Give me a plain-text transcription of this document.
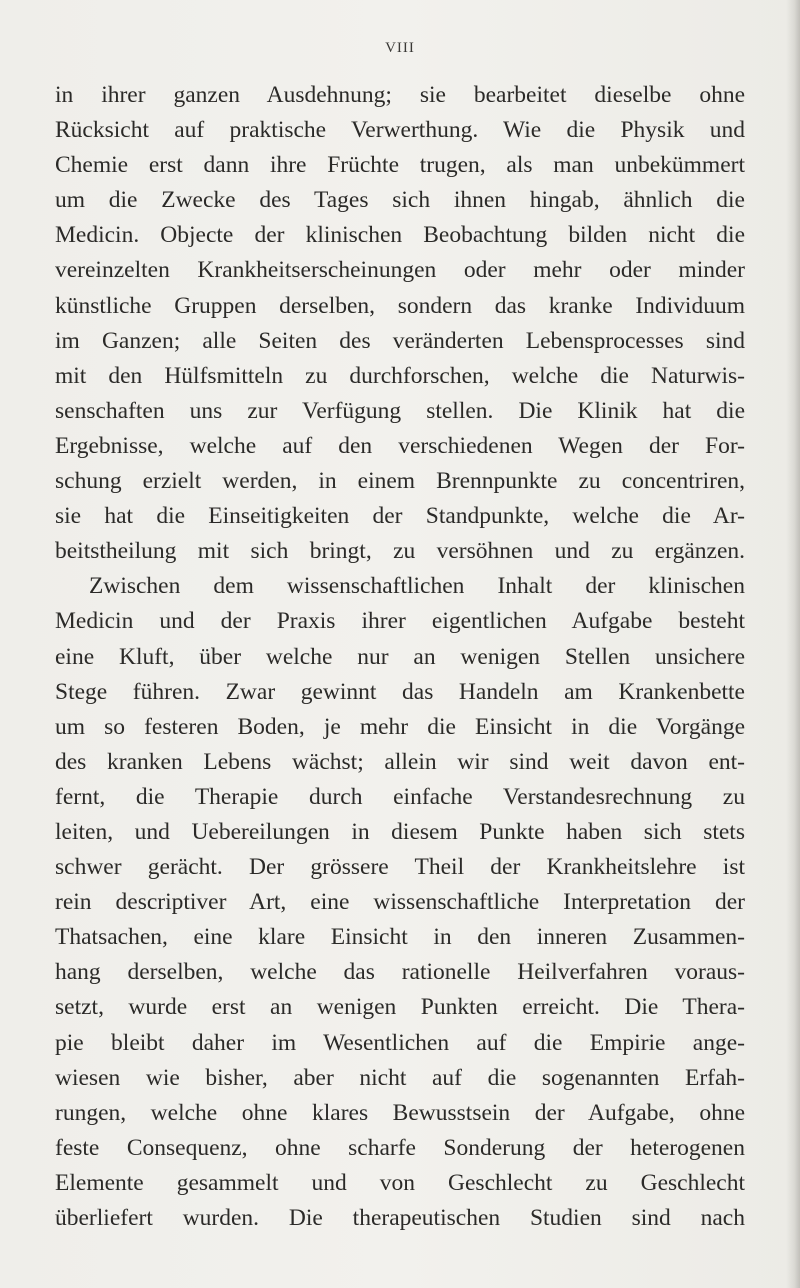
VIII
in ihrer ganzen Ausdehnung; sie bearbeitet dieselbe ohne
Rücksicht auf praktische Verwerthung. Wie die Physik und
Chemie erst dann ihre Früchte trugen, als man unbekümmert
um die Zwecke des Tages sich ihnen hingab, ähnlich die
Medicin. Objecte der klinischen Beobachtung bilden nicht die
vereinzelten Krankheitserscheinungen oder mehr oder minder
künstliche Gruppen derselben, sondern das kranke Individuum
im Ganzen; alle Seiten des veränderten Lebensprocesses sind
mit den Hülfsmitteln zu durchforschen, welche die Naturwis-
senschaften uns zur Verfügung stellen. Die Klinik hat die
Ergebnisse, welche auf den verschiedenen Wegen der For-
schung erzielt werden, in einem Brennpunkte zu concentriren,
sie hat die Einseitigkeiten der Standpunkte, welche die Ar-
beitstheilung mit sich bringt, zu versöhnen und zu ergänzen.
Zwischen dem wissenschaftlichen Inhalt der klinischen
Medicin und der Praxis ihrer eigentlichen Aufgabe besteht
eine Kluft, über welche nur an wenigen Stellen unsichere
Stege führen. Zwar gewinnt das Handeln am Krankenbette
um so festeren Boden, je mehr die Einsicht in die Vorgänge
des kranken Lebens wächst; allein wir sind weit davon ent-
fernt, die Therapie durch einfache Verstandesrechnung zu
leiten, und Uebereilungen in diesem Punkte haben sich stets
schwer gerächt. Der grössere Theil der Krankheitslehre ist
rein descriptiver Art, eine wissenschaftliche Interpretation der
Thatsachen, eine klare Einsicht in den inneren Zusammen-
hang derselben, welche das rationelle Heilverfahren voraus-
setzt, wurde erst an wenigen Punkten erreicht. Die Thera-
pie bleibt daher im Wesentlichen auf die Empirie ange-
wiesen wie bisher, aber nicht auf die sogenannten Erfah-
rungen, welche ohne klares Bewusstsein der Aufgabe, ohne
feste Consequenz, ohne scharfe Sonderung der heterogenen
Elemente gesammelt und von Geschlecht zu Geschlecht
überliefert wurden. Die therapeutischen Studien sind nach
